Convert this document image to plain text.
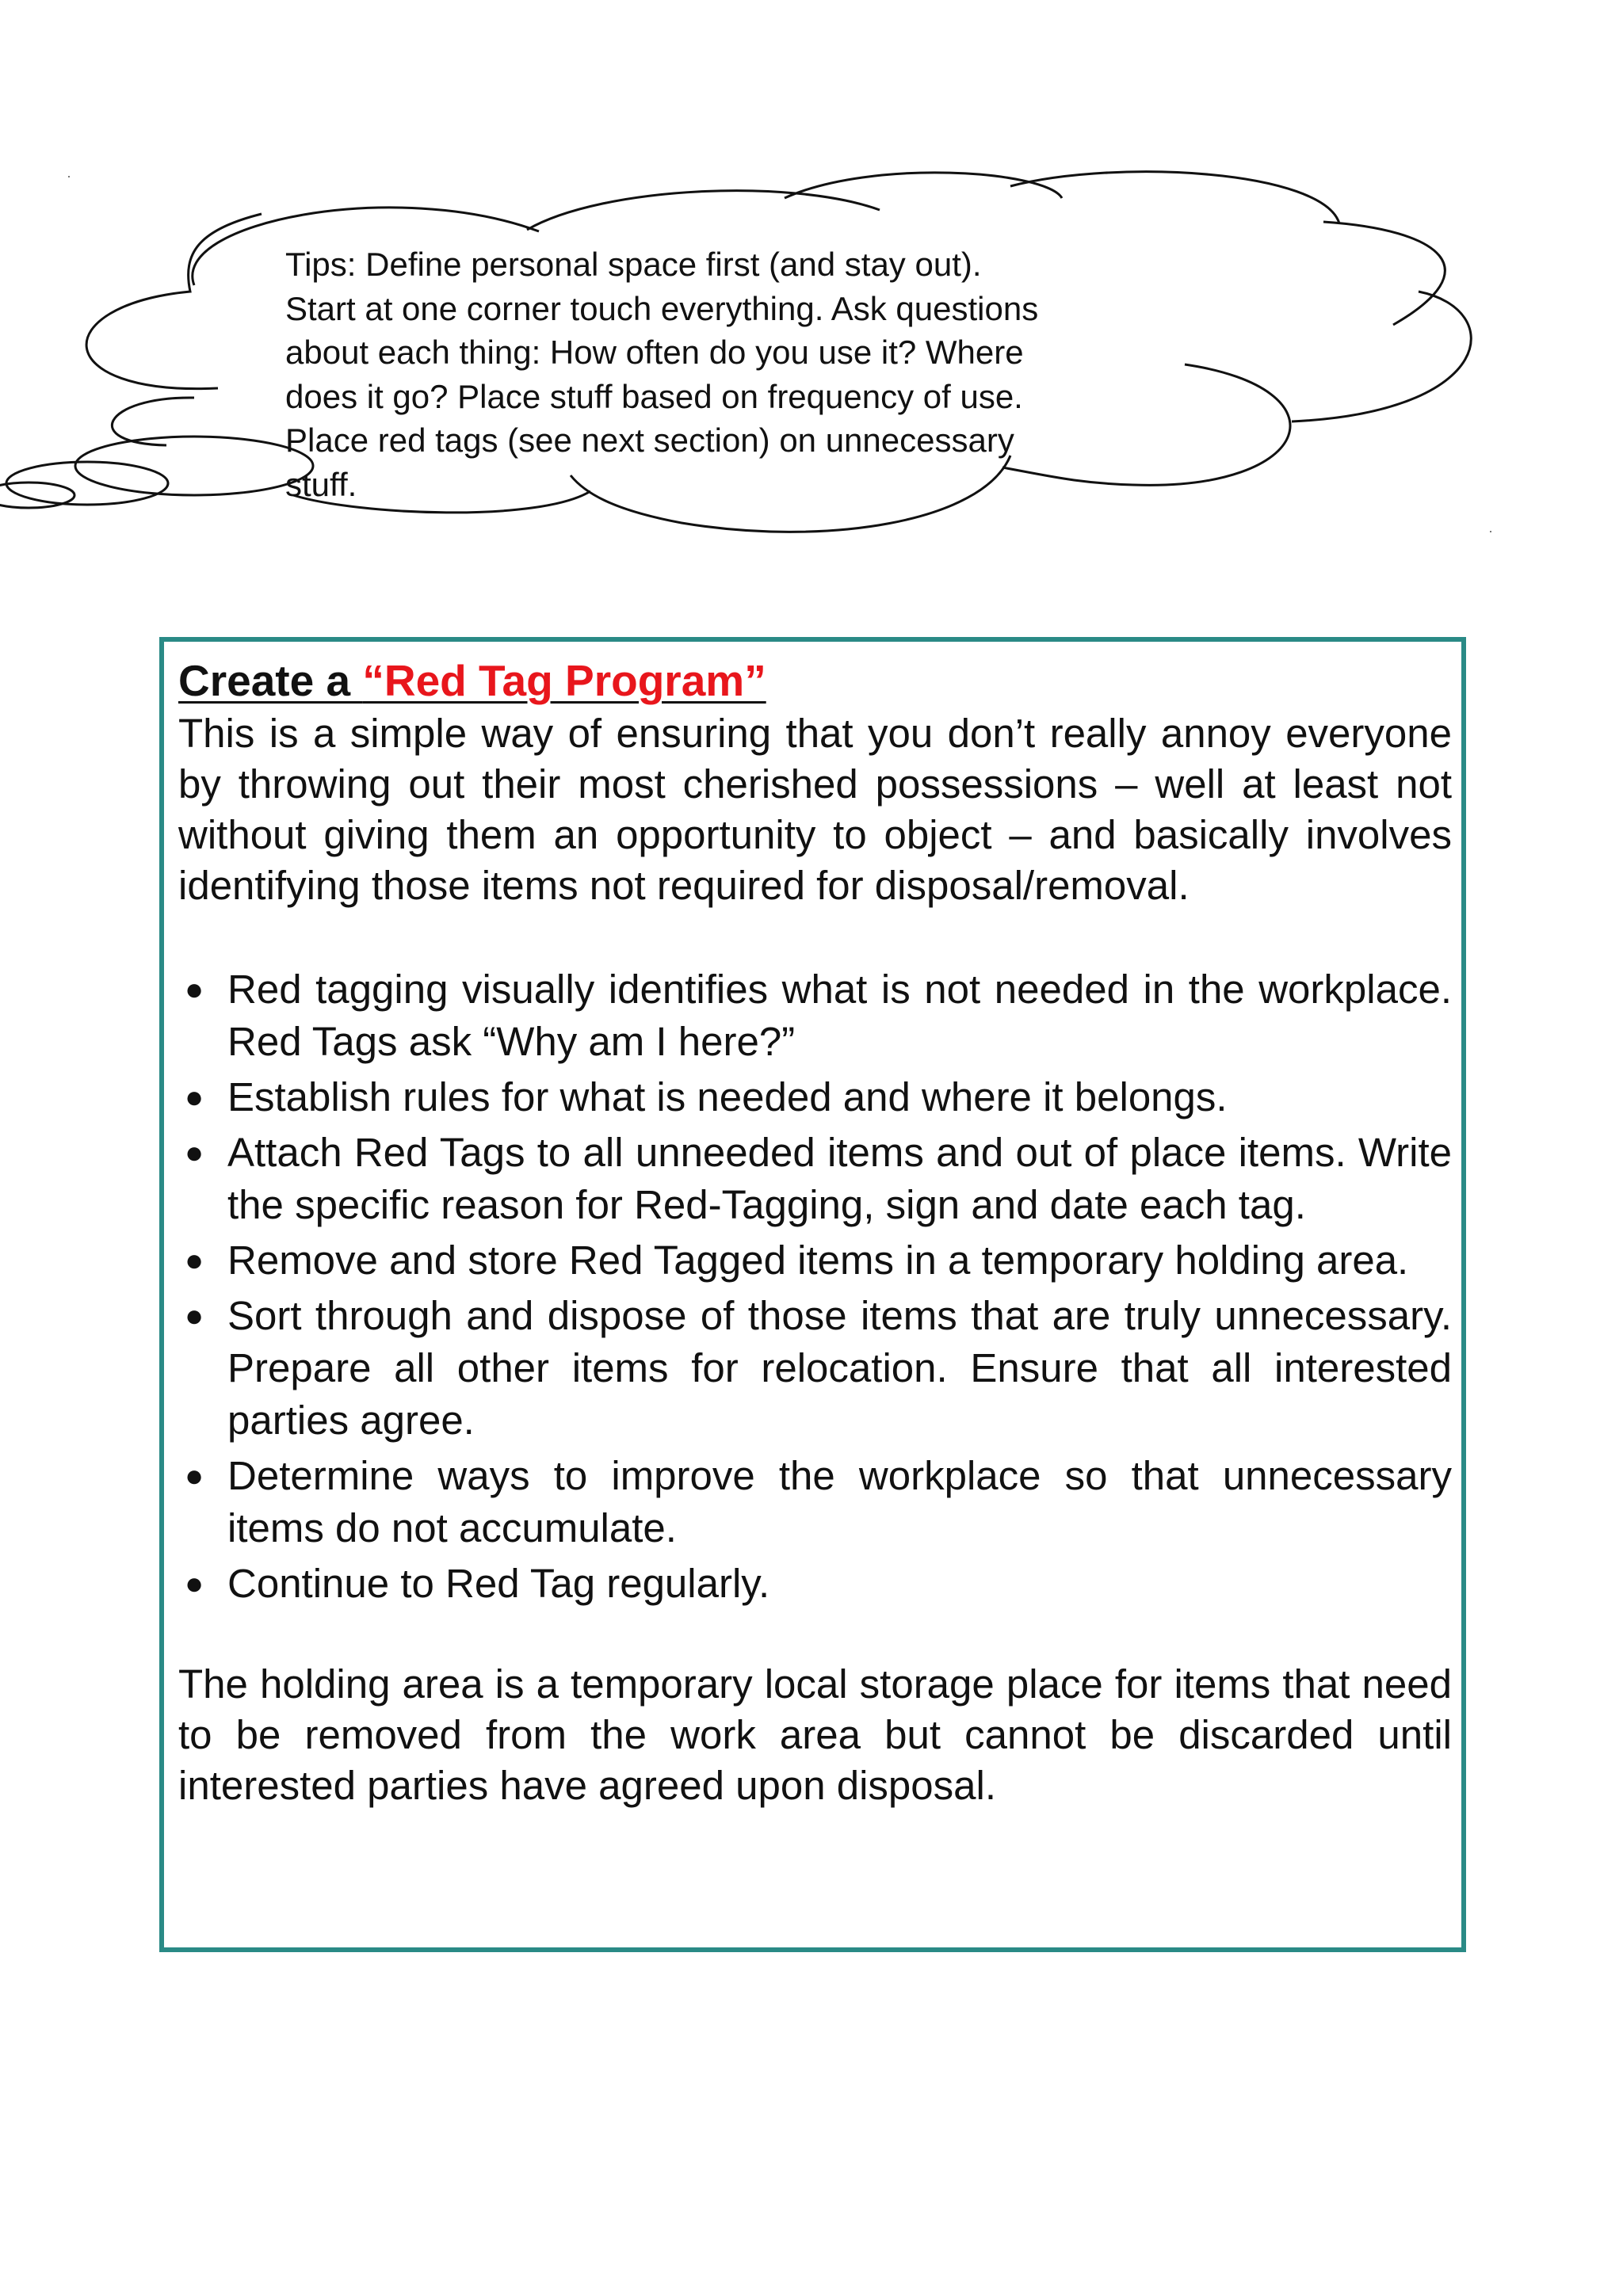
Tips: Define personal space first (and stay out).
Start at one corner touch everything. Ask questions
about each thing: How often do you use it? Where
does it go? Place stuff based on frequency of use.
Place red tags (see next section) on unnecessary
stuff.

Create a “Red Tag Program”

This is a simple way of ensuring that you don’t really annoy everyone by throwing out their most cherished possessions – well at least not without giving them an opportunity to object – and basically involves identifying those items not required for disposal/removal.

● Red tagging visually identifies what is not needed in the workplace. Red Tags ask “Why am I here?”
● Establish rules for what is needed and where it belongs.
● Attach Red Tags to all unneeded items and out of place items. Write the specific reason for Red-Tagging, sign and date each tag.
● Remove and store Red Tagged items in a temporary holding area.
● Sort through and dispose of those items that are truly unnecessary. Prepare all other items for relocation. Ensure that all interested parties agree.
● Determine ways to improve the workplace so that unnecessary items do not accumulate.
● Continue to Red Tag regularly.

The holding area is a temporary local storage place for items that need to be removed from the work area but cannot be discarded until interested parties have agreed upon disposal.
